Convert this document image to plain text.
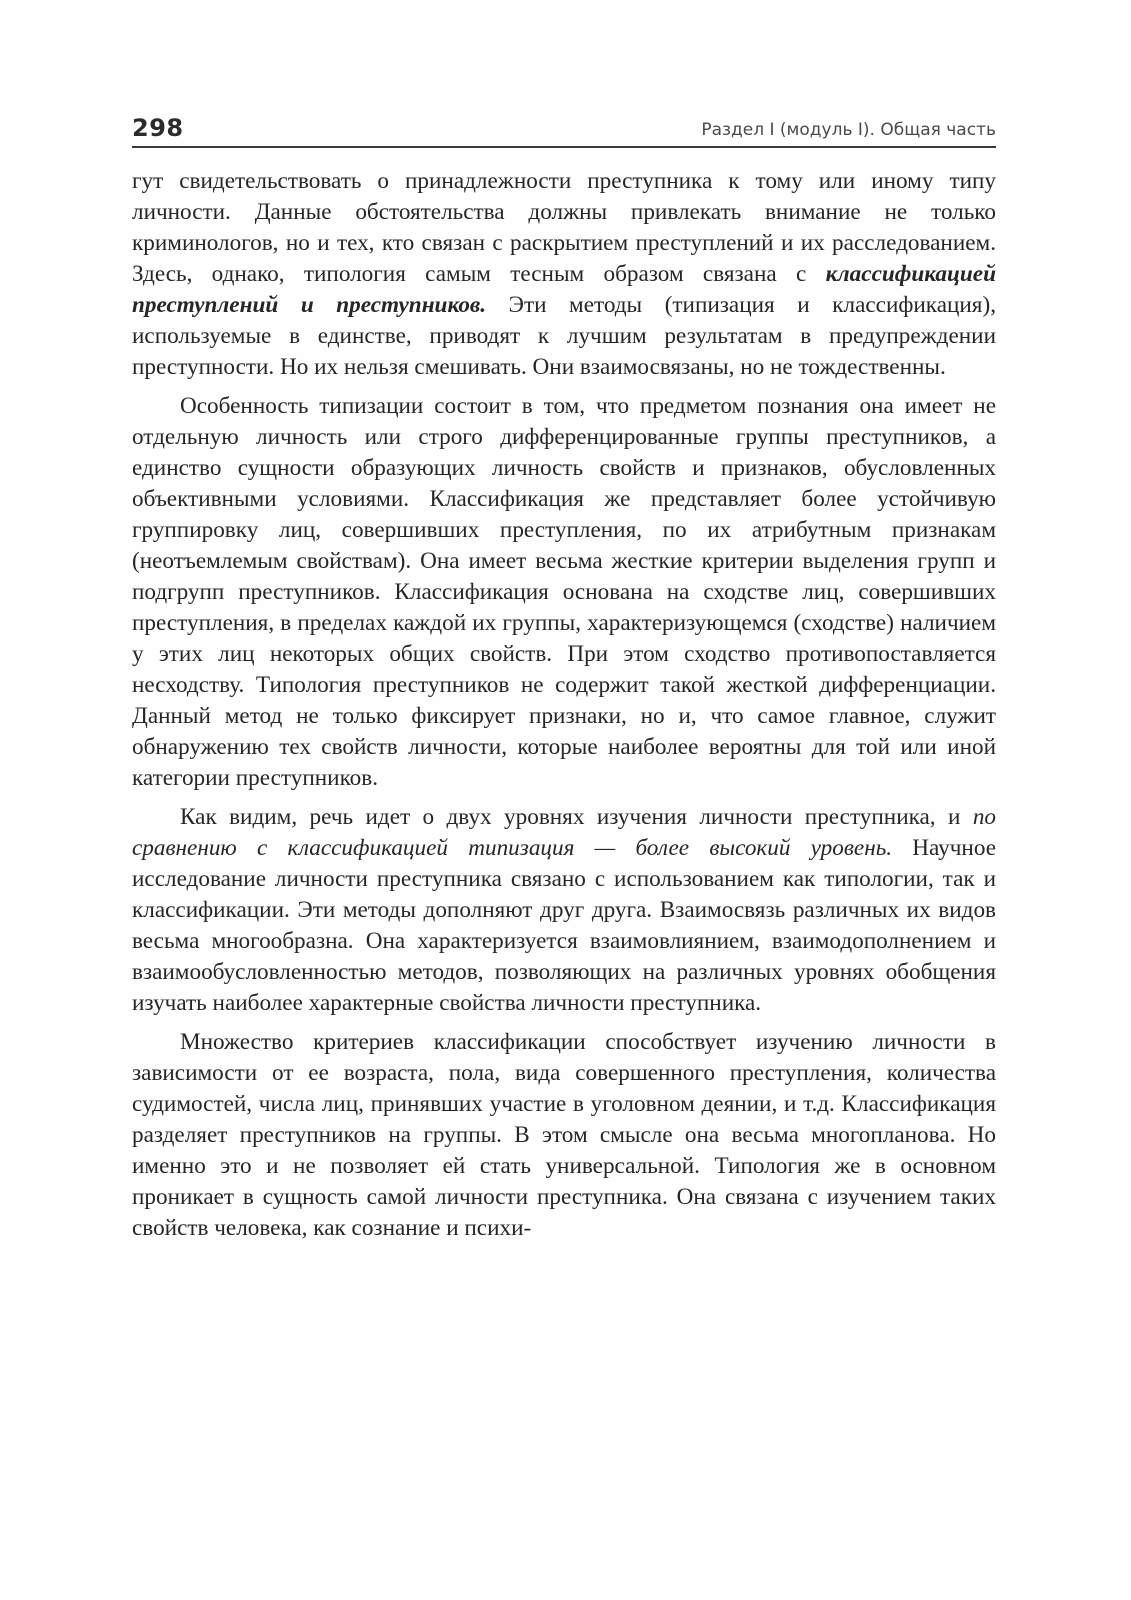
298	Раздел I (модуль I). Общая часть

гут свидетельствовать о принадлежности преступника к тому или иному типу личности. Данные обстоятельства должны привлекать внимание не только криминологов, но и тех, кто связан с раскрытием преступлений и их расследованием. Здесь, однако, типология самым тесным образом связана с классификацией преступлений и преступников. Эти методы (типизация и классификация), используемые в единстве, приводят к лучшим результатам в предупреждении преступности. Но их нельзя смешивать. Они взаимосвязаны, но не тождественны.

Особенность типизации состоит в том, что предметом познания она имеет не отдельную личность или строго дифференцированные группы преступников, а единство сущности образующих личность свойств и признаков, обусловленных объективными условиями. Классификация же представляет более устойчивую группировку лиц, совершивших преступления, по их атрибутным признакам (неотъемлемым свойствам). Она имеет весьма жесткие критерии выделения групп и подгрупп преступников. Классификация основана на сходстве лиц, совершивших преступления, в пределах каждой их группы, характеризующемся (сходстве) наличием у этих лиц некоторых общих свойств. При этом сходство противопоставляется несходству. Типология преступников не содержит такой жесткой дифференциации. Данный метод не только фиксирует признаки, но и, что самое главное, служит обнаружению тех свойств личности, которые наиболее вероятны для той или иной категории преступников.

Как видим, речь идет о двух уровнях изучения личности преступника, и по сравнению с классификацией типизация — более высокий уровень. Научное исследование личности преступника связано с использованием как типологии, так и классификации. Эти методы дополняют друг друга. Взаимосвязь различных их видов весьма многообразна. Она характеризуется взаимовлиянием, взаимодополнением и взаимообусловленностью методов, позволяющих на различных уровнях обобщения изучать наиболее характерные свойства личности преступника.

Множество критериев классификации способствует изучению личности в зависимости от ее возраста, пола, вида совершенного преступления, количества судимостей, числа лиц, принявших участие в уголовном деянии, и т.д. Классификация разделяет преступников на группы. В этом смысле она весьма многопланова. Но именно это и не позволяет ей стать универсальной. Типология же в основном проникает в сущность самой личности преступника. Она связана с изучением таких свойств человека, как сознание и психи-
